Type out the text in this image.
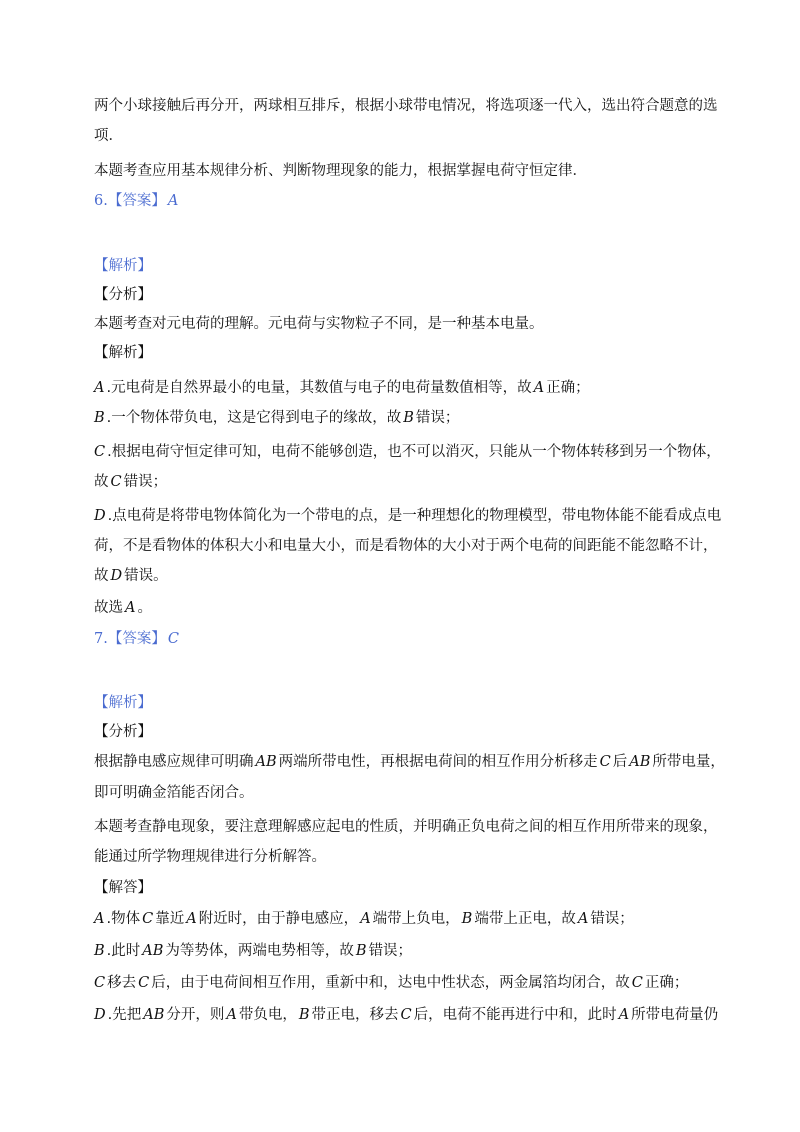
两个小球接触后再分开，两球相互排斥，根据小球带电情况，将选项逐一代入，选出符合题意的选
项．
本题考查应用基本规律分析、判断物理现象的能力，根据掌握电荷守恒定律．
6.【答案】 A
【解析】
【分析】
本题考查对元电荷的理解。元电荷与实物粒子不同，是一种基本电量。
【解析】
A .元电荷是自然界最小的电量，其数值与电子的电荷量数值相等，故 A 正确；
B .一个物体带负电，这是它得到电子的缘故，故 B 错误；
C .根据电荷守恒定律可知，电荷不能够创造，也不可以消灭，只能从一个物体转移到另一个物体，
故 C 错误；
D .点电荷是将带电物体简化为一个带电的点，是一种理想化的物理模型，带电物体能不能看成点电
荷，不是看物体的体积大小和电量大小，而是看物体的大小对于两个电荷的间距能不能忽略不计，
故 D 错误。
故选 A 。
7.【答案】 C
【解析】
【分析】
根据静电感应规律可明确 AB 两端所带电性，再根据电荷间的相互作用分析移走 C 后 AB 所带电量，
即可明确金箔能否闭合。
本题考查静电现象，要注意理解感应起电的性质，并明确正负电荷之间的相互作用所带来的现象，
能通过所学物理规律进行分析解答。
【解答】
A .物体 C 靠近 A 附近时，由于静电感应， A 端带上负电， B 端带上正电，故 A 错误；
B .此时 AB 为等势体，两端电势相等，故 B 错误；
C 移去 C 后，由于电荷间相互作用，重新中和，达电中性状态，两金属箔均闭合，故 C 正确；
D .先把 AB 分开，则 A 带负电， B 带正电，移去 C 后，电荷不能再进行中和，此时 A 所带电荷量仍
